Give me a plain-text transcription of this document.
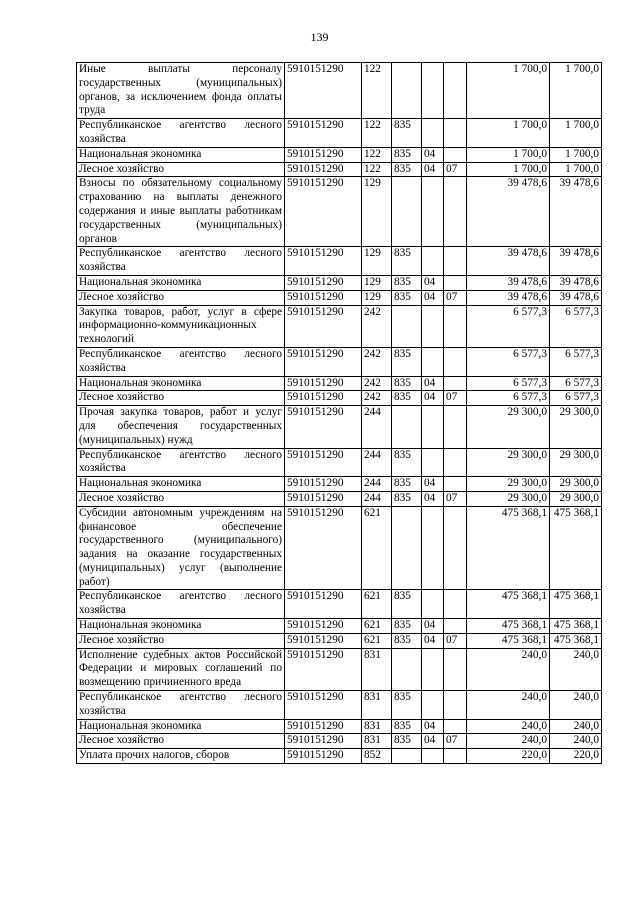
139
Иные выплаты персоналу государственных (муниципальных) органов, за исключением фонда оплаты труда	5910151290	122				1 700,0	1 700,0
Республиканское агентство лесного хозяйства	5910151290	122	835			1 700,0	1 700,0
Национальная экономика	5910151290	122	835	04		1 700,0	1 700,0
Лесное хозяйство	5910151290	122	835	04	07	1 700,0	1 700,0
Взносы по обязательному социальному страхованию на выплаты денежного содержания и иные выплаты работникам государственных (муниципальных) органов	5910151290	129				39 478,6	39 478,6
Республиканское агентство лесного хозяйства	5910151290	129	835			39 478,6	39 478,6
Национальная экономика	5910151290	129	835	04		39 478,6	39 478,6
Лесное хозяйство	5910151290	129	835	04	07	39 478,6	39 478,6
Закупка товаров, работ, услуг в сфере информационно-коммуникационных технологий	5910151290	242				6 577,3	6 577,3
Республиканское агентство лесного хозяйства	5910151290	242	835			6 577,3	6 577,3
Национальная экономика	5910151290	242	835	04		6 577,3	6 577,3
Лесное хозяйство	5910151290	242	835	04	07	6 577,3	6 577,3
Прочая закупка товаров, работ и услуг для обеспечения государственных (муниципальных) нужд	5910151290	244				29 300,0	29 300,0
Республиканское агентство лесного хозяйства	5910151290	244	835			29 300,0	29 300,0
Национальная экономика	5910151290	244	835	04		29 300,0	29 300,0
Лесное хозяйство	5910151290	244	835	04	07	29 300,0	29 300,0
Субсидии автономным учреждениям на финансовое обеспечение государственного (муниципального) задания на оказание государственных (муниципальных) услуг (выполнение работ)	5910151290	621				475 368,1	475 368,1
Республиканское агентство лесного хозяйства	5910151290	621	835			475 368,1	475 368,1
Национальная экономика	5910151290	621	835	04		475 368,1	475 368,1
Лесное хозяйство	5910151290	621	835	04	07	475 368,1	475 368,1
Исполнение судебных актов Российской Федерации и мировых соглашений по возмещению причиненного вреда	5910151290	831				240,0	240,0
Республиканское агентство лесного хозяйства	5910151290	831	835			240,0	240,0
Национальная экономика	5910151290	831	835	04		240,0	240,0
Лесное хозяйство	5910151290	831	835	04	07	240,0	240,0
Уплата прочих налогов, сборов	5910151290	852				220,0	220,0
